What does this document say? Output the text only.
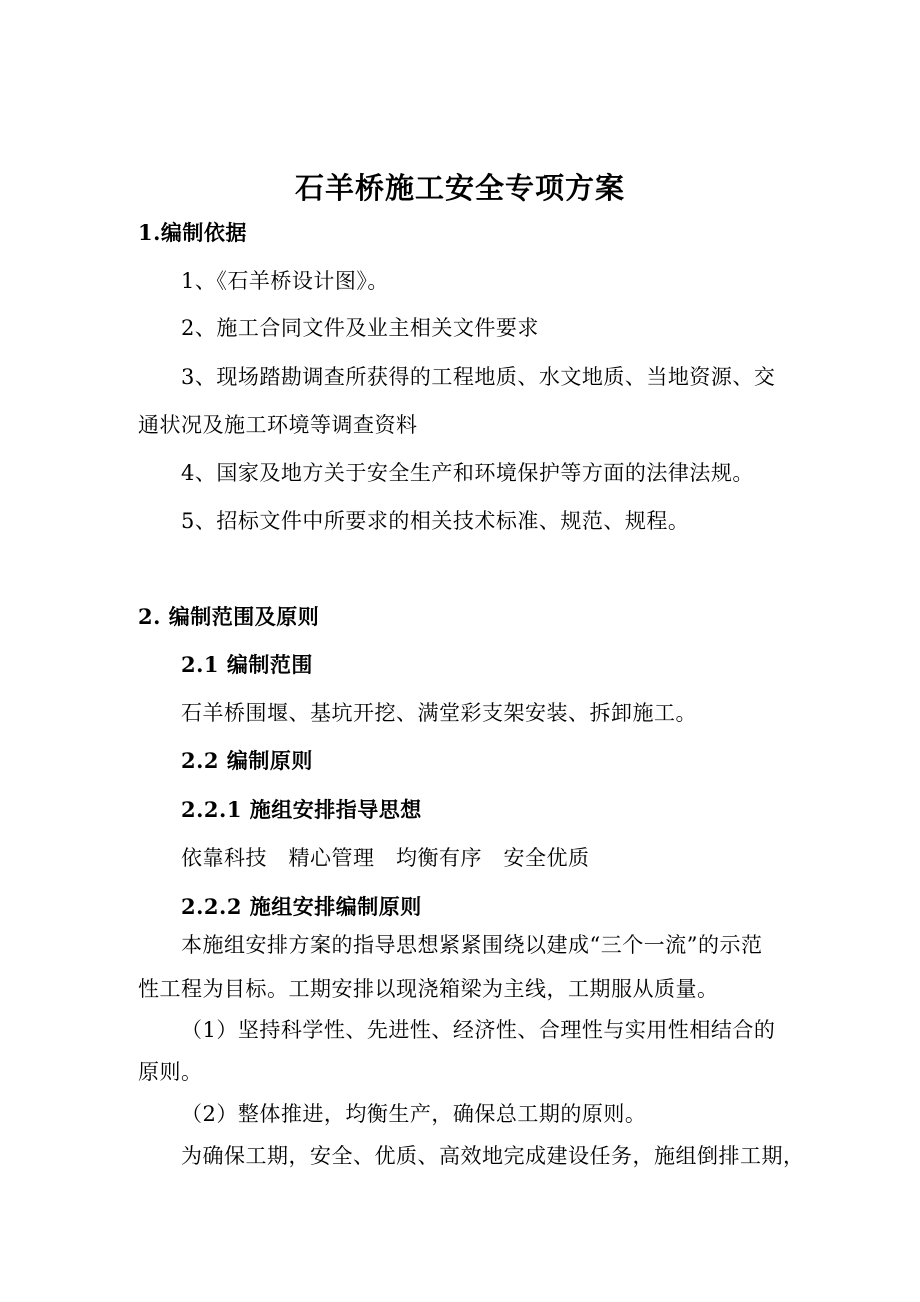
石羊桥施工安全专项方案
1.编制依据
1、《石羊桥设计图》。
2、施工合同文件及业主相关文件要求
3、现场踏勘调查所获得的工程地质、水文地质、当地资源、交
通状况及施工环境等调查资料
4、国家及地方关于安全生产和环境保护等方面的法律法规。
5、招标文件中所要求的相关技术标准、规范、规程。
2. 编制范围及原则
2.1 编制范围
石羊桥围堰、基坑开挖、满堂彩支架安装、拆卸施工。
2.2 编制原则
2.2.1 施组安排指导思想
依靠科技　精心管理　均衡有序　安全优质
2.2.2 施组安排编制原则
本施组安排方案的指导思想紧紧围绕以建成“三个一流”的示范
性工程为目标。工期安排以现浇箱梁为主线，工期服从质量。
（1）坚持科学性、先进性、经济性、合理性与实用性相结合的
原则。
（2）整体推进，均衡生产，确保总工期的原则。
为确保工期，安全、优质、高效地完成建设任务，施组倒排工期，
